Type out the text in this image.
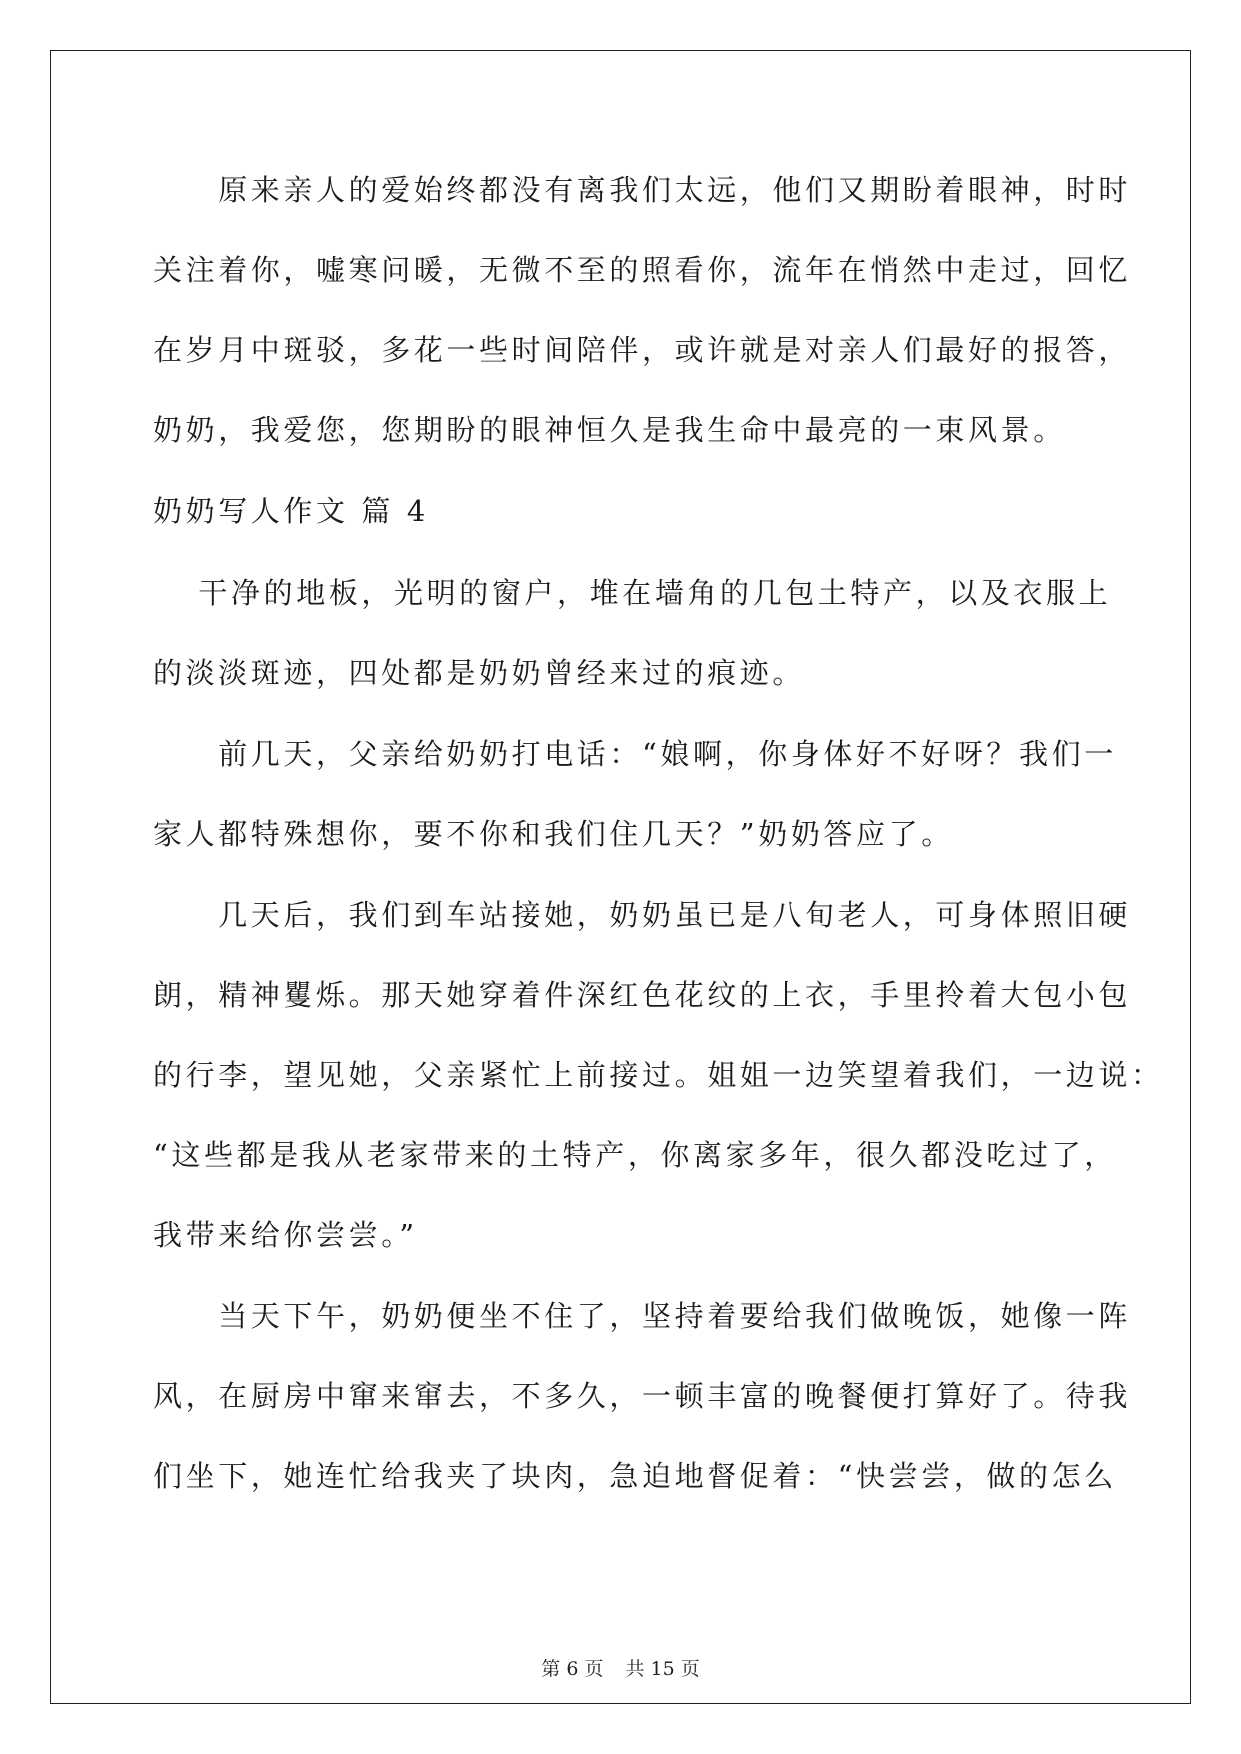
　　原来亲人的爱始终都没有离我们太远，他们又期盼着眼神，时时
关注着你，嘘寒问暖，无微不至的照看你，流年在悄然中走过，回忆
在岁月中斑驳，多花一些时间陪伴，或许就是对亲人们最好的报答，
奶奶，我爱您，您期盼的眼神恒久是我生命中最亮的一束风景。
奶奶写人作文 篇 4
　 干净的地板，光明的窗户，堆在墙角的几包土特产，以及衣服上
的淡淡斑迹，四处都是奶奶曾经来过的痕迹。
　　前几天，父亲给奶奶打电话：“娘啊，你身体好不好呀？我们一
家人都特殊想你，要不你和我们住几天？”奶奶答应了。
　　几天后，我们到车站接她，奶奶虽已是八旬老人，可身体照旧硬
朗，精神矍烁。那天她穿着件深红色花纹的上衣，手里拎着大包小包
的行李，望见她，父亲紧忙上前接过。姐姐一边笑望着我们，一边说：
“这些都是我从老家带来的土特产，你离家多年，很久都没吃过了，
我带来给你尝尝。”
　　当天下午，奶奶便坐不住了，坚持着要给我们做晚饭，她像一阵
风，在厨房中窜来窜去，不多久，一顿丰富的晚餐便打算好了。待我
们坐下，她连忙给我夹了块肉，急迫地督促着：“快尝尝，做的怎么
第 6 页 共 15 页
